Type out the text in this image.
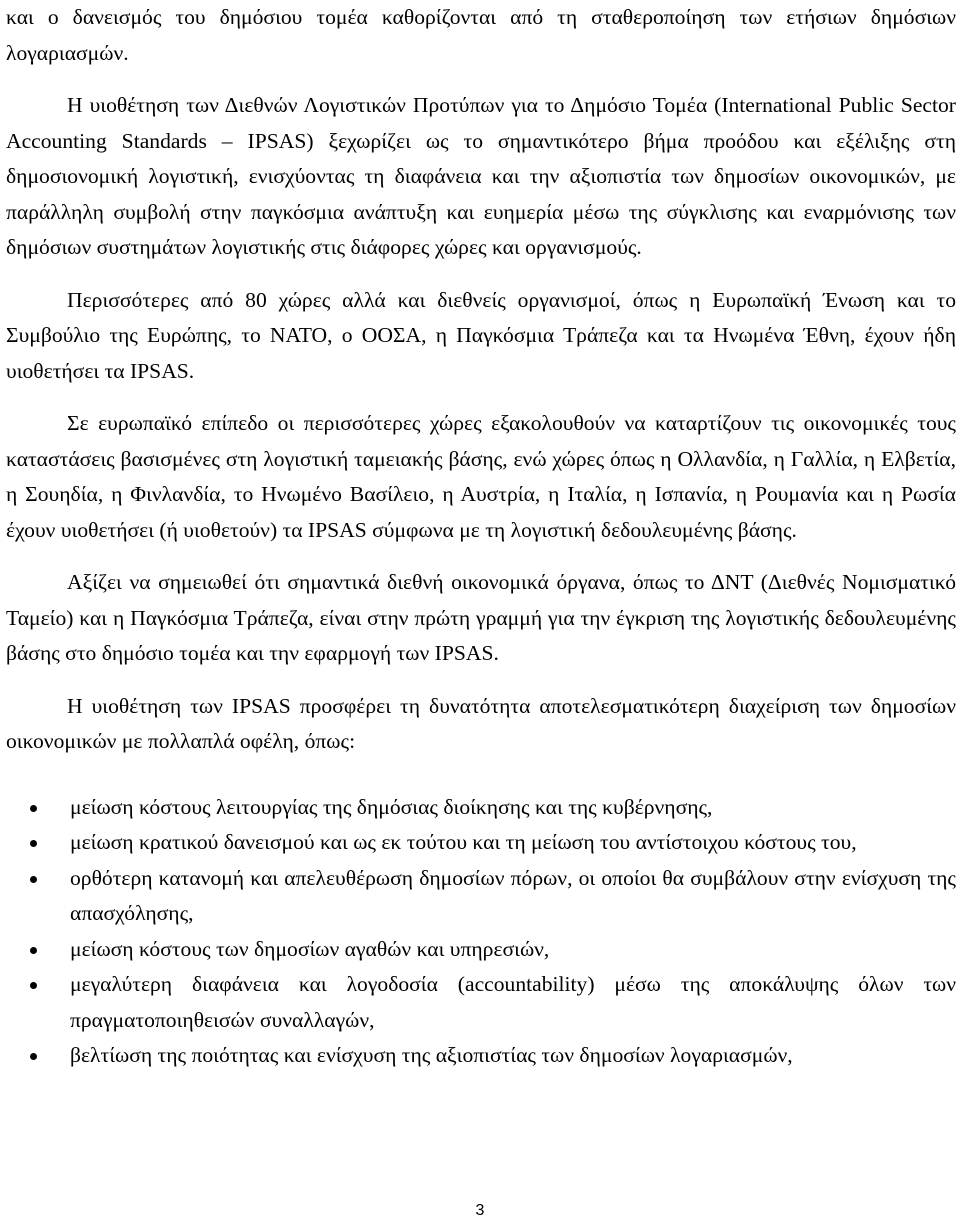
και ο δανεισμός του δημόσιου τομέα καθορίζονται από τη σταθεροποίηση των ετήσιων δημόσιων λογαριασμών.

Η υιοθέτηση των Διεθνών Λογιστικών Προτύπων για το Δημόσιο Τομέα (International Public Sector Accounting Standards – IPSAS) ξεχωρίζει ως το σημαντικότερο βήμα προόδου και εξέλιξης στη δημοσιονομική λογιστική, ενισχύοντας τη διαφάνεια και την αξιοπιστία των δημοσίων οικονομικών, με παράλληλη συμβολή στην παγκόσμια ανάπτυξη και ευημερία μέσω της σύγκλισης και εναρμόνισης των δημόσιων συστημάτων λογιστικής στις διάφορες χώρες και οργανισμούς.

Περισσότερες από 80 χώρες αλλά και διεθνείς οργανισμοί, όπως η Ευρωπαϊκή Ένωση και το Συμβούλιο της Ευρώπης, το ΝΑΤΟ, ο ΟΟΣΑ, η Παγκόσμια Τράπεζα και τα Ηνωμένα Έθνη, έχουν ήδη υιοθετήσει τα IPSAS.

Σε ευρωπαϊκό επίπεδο οι περισσότερες χώρες εξακολουθούν να καταρτίζουν τις οικονομικές τους καταστάσεις βασισμένες στη λογιστική ταμειακής βάσης, ενώ χώρες όπως η Ολλανδία, η Γαλλία, η Ελβετία, η Σουηδία, η Φινλανδία, το Ηνωμένο Βασίλειο, η Αυστρία, η Ιταλία, η Ισπανία, η Ρουμανία και η Ρωσία έχουν υιοθετήσει (ή υιοθετούν) τα IPSAS σύμφωνα με τη λογιστική δεδουλευμένης βάσης.

Αξίζει να σημειωθεί ότι σημαντικά διεθνή οικονομικά όργανα, όπως το ΔΝΤ (Διεθνές Νομισματικό Ταμείο) και η Παγκόσμια Τράπεζα, είναι στην πρώτη γραμμή για την έγκριση της λογιστικής δεδουλευμένης βάσης στο δημόσιο τομέα και την εφαρμογή των IPSAS.

Η υιοθέτηση των IPSAS προσφέρει τη δυνατότητα αποτελεσματικότερη διαχείριση των δημοσίων οικονομικών με πολλαπλά οφέλη, όπως:

μείωση κόστους λειτουργίας της δημόσιας διοίκησης και της κυβέρνησης,
μείωση κρατικού δανεισμού και ως εκ τούτου και τη μείωση του αντίστοιχου κόστους του,
ορθότερη κατανομή και απελευθέρωση δημοσίων πόρων, οι οποίοι θα συμβάλουν στην ενίσχυση της απασχόλησης,
μείωση κόστους των δημοσίων αγαθών και υπηρεσιών,
μεγαλύτερη διαφάνεια και λογοδοσία (accountability) μέσω της αποκάλυψης όλων των πραγματοποιηθεισών συναλλαγών,
βελτίωση της ποιότητας και ενίσχυση της αξιοπιστίας των δημοσίων λογαριασμών,
3
